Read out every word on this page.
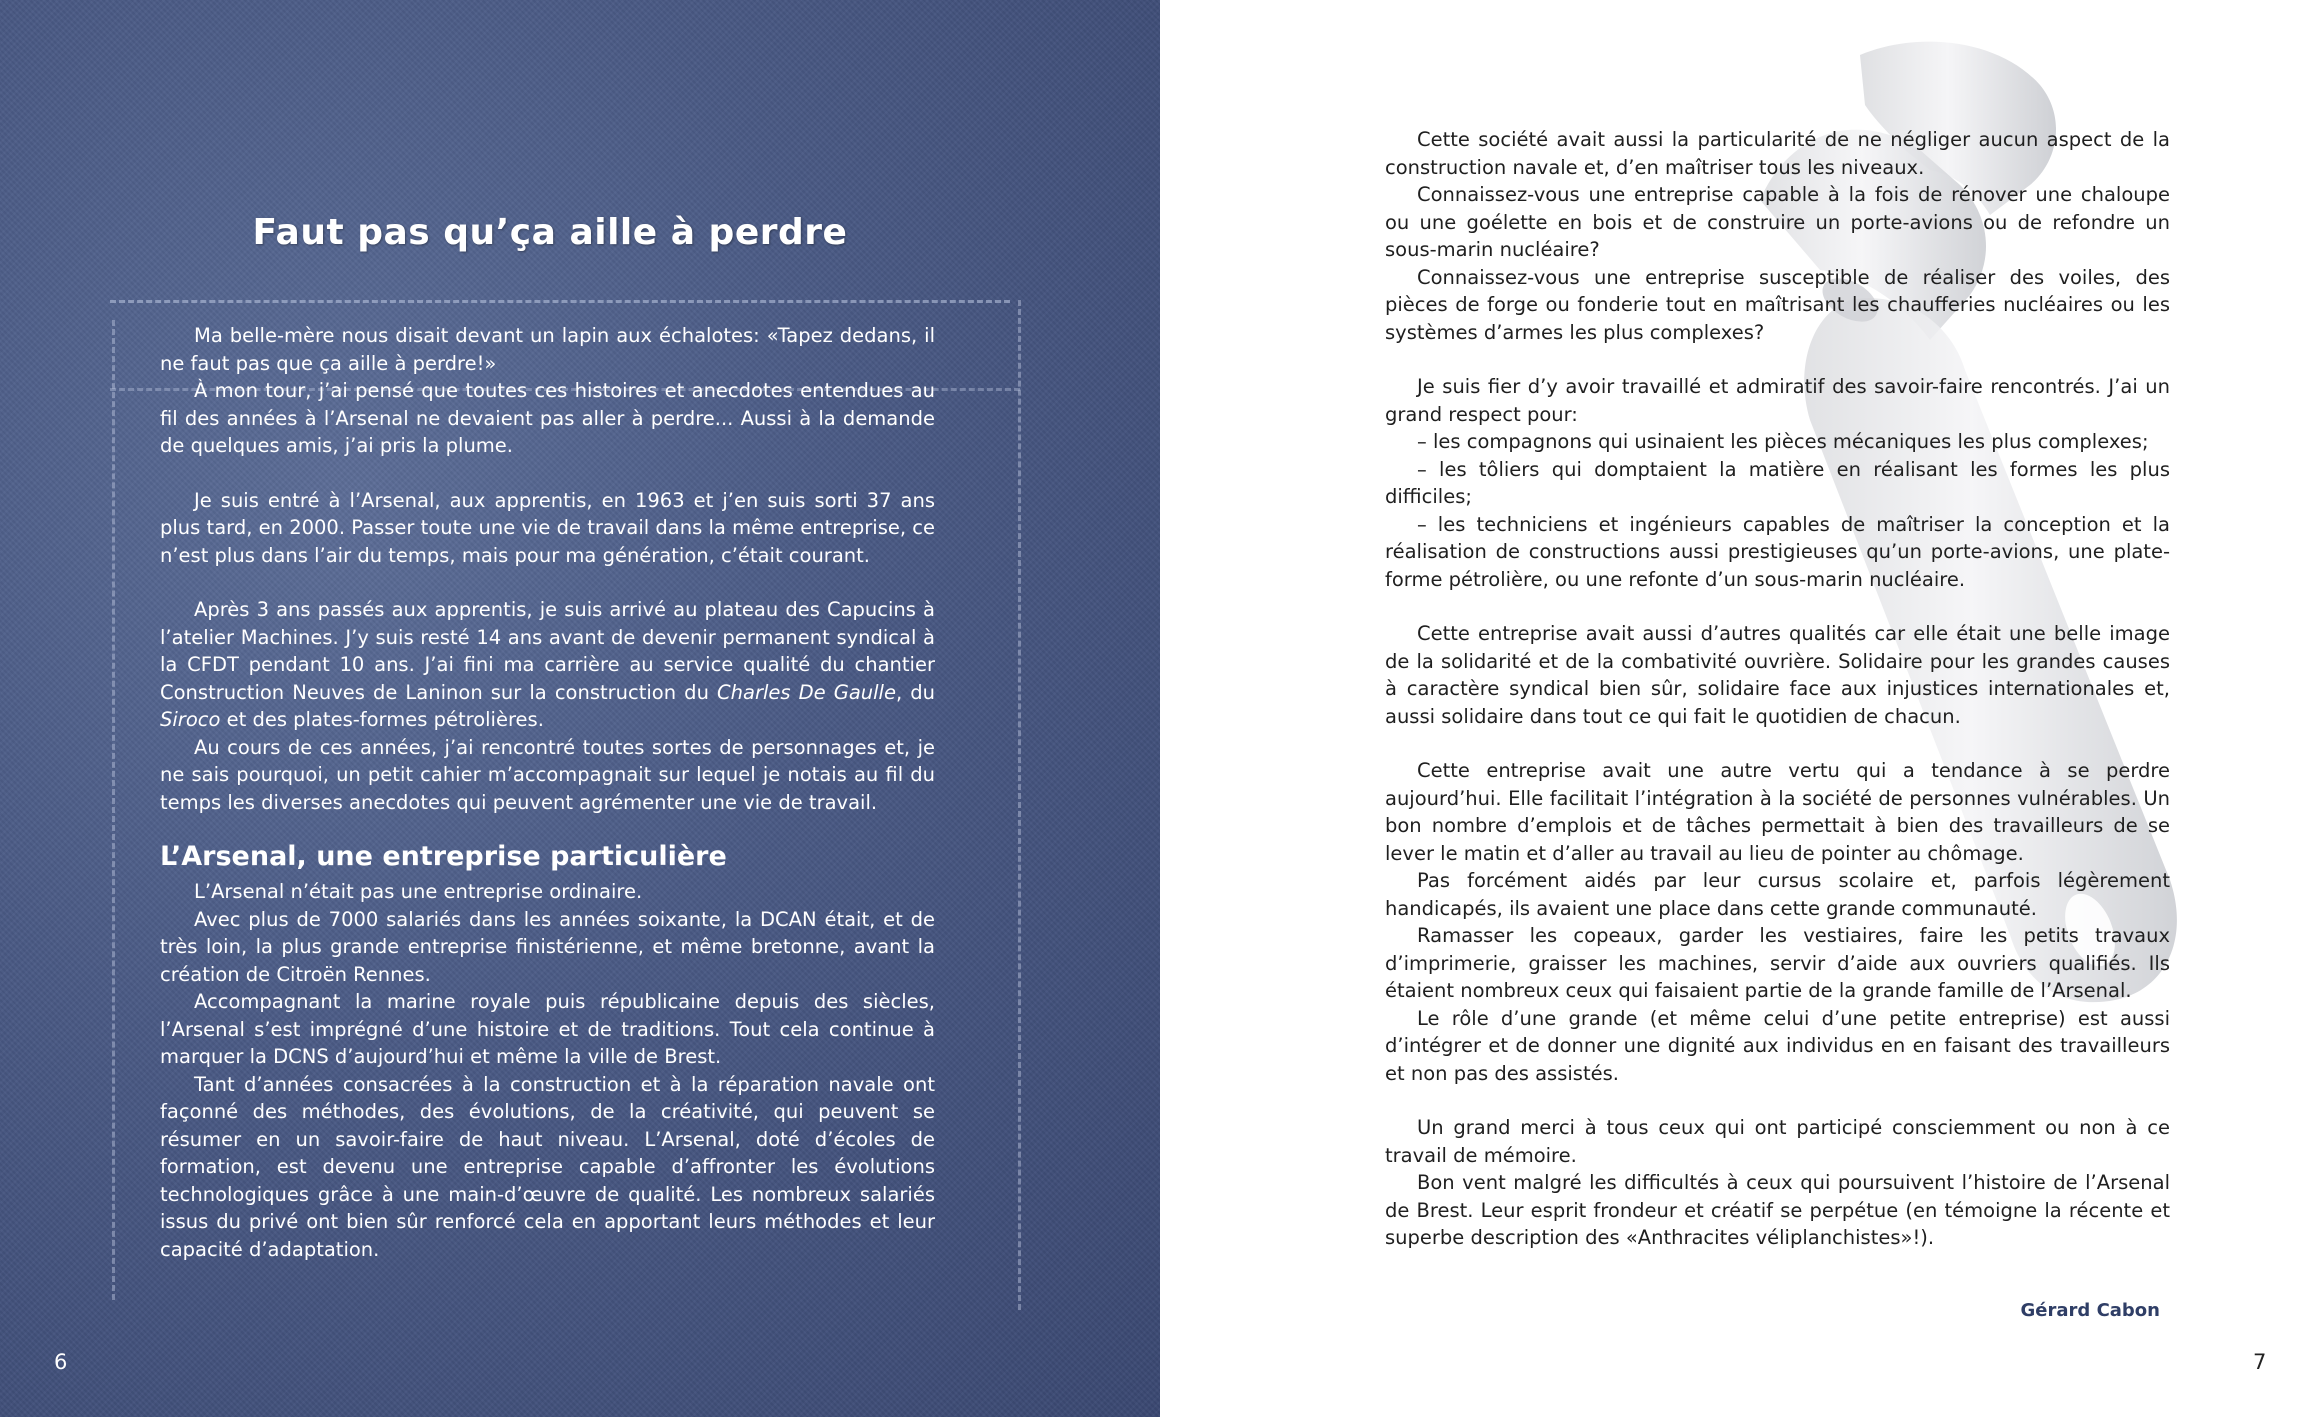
Faut pas qu’ça aille à perdre

Ma belle-mère nous disait devant un lapin aux échalotes: «Tapez dedans, il ne faut pas que ça aille à perdre!»

À mon tour, j’ai pensé que toutes ces histoires et anecdotes entendues au fil des années à l’Arsenal ne devaient pas aller à perdre... Aussi à la demande de quelques amis, j’ai pris la plume.

Je suis entré à l’Arsenal, aux apprentis, en 1963 et j’en suis sorti 37 ans plus tard, en 2000. Passer toute une vie de travail dans la même entreprise, ce n’est plus dans l’air du temps, mais pour ma génération, c’était courant.

Après 3 ans passés aux apprentis, je suis arrivé au plateau des Capucins à l’atelier Machines. J’y suis resté 14 ans avant de devenir permanent syndical à la CFDT pendant 10 ans. J’ai fini ma carrière au service qualité du chantier Construction Neuves de Laninon sur la construction du Charles De Gaulle, du Siroco et des plates-formes pétrolières.

Au cours de ces années, j’ai rencontré toutes sortes de personnages et, je ne sais pourquoi, un petit cahier m’accompagnait sur lequel je notais au fil du temps les diverses anecdotes qui peuvent agrémenter une vie de travail.

L’Arsenal, une entreprise particulière

L’Arsenal n’était pas une entreprise ordinaire.

Avec plus de 7000 salariés dans les années soixante, la DCAN était, et de très loin, la plus grande entreprise finistérienne, et même bretonne, avant la création de Citroën Rennes.

Accompagnant la marine royale puis républicaine depuis des siècles, l’Arsenal s’est imprégné d’une histoire et de traditions. Tout cela continue à marquer la DCNS d’aujourd’hui et même la ville de Brest.

Tant d’années consacrées à la construction et à la réparation navale ont façonné des méthodes, des évolutions, de la créativité, qui peuvent se résumer en un savoir-faire de haut niveau. L’Arsenal, doté d’écoles de formation, est devenu une entreprise capable d’affronter les évolutions technologiques grâce à une main-d’œuvre de qualité. Les nombreux salariés issus du privé ont bien sûr renforcé cela en apportant leurs méthodes et leur capacité d’adaptation.

6

Cette société avait aussi la particularité de ne négliger aucun aspect de la construction navale et, d’en maîtriser tous les niveaux.

Connaissez-vous une entreprise capable à la fois de rénover une chaloupe ou une goélette en bois et de construire un porte-avions ou de refondre un sous-marin nucléaire?

Connaissez-vous une entreprise susceptible de réaliser des voiles, des pièces de forge ou fonderie tout en maîtrisant les chaufferies nucléaires ou les systèmes d’armes les plus complexes?

Je suis fier d’y avoir travaillé et admiratif des savoir-faire rencontrés. J’ai un grand respect pour:

– les compagnons qui usinaient les pièces mécaniques les plus complexes;

– les tôliers qui domptaient la matière en réalisant les formes les plus difficiles;

– les techniciens et ingénieurs capables de maîtriser la conception et la réalisation de constructions aussi prestigieuses qu’un porte-avions, une plate-forme pétrolière, ou une refonte d’un sous-marin nucléaire.

Cette entreprise avait aussi d’autres qualités car elle était une belle image de la solidarité et de la combativité ouvrière. Solidaire pour les grandes causes à caractère syndical bien sûr, solidaire face aux injustices internationales et, aussi solidaire dans tout ce qui fait le quotidien de chacun.

Cette entreprise avait une autre vertu qui a tendance à se perdre aujourd’hui. Elle facilitait l’intégration à la société de personnes vulnérables. Un bon nombre d’emplois et de tâches permettait à bien des travailleurs de se lever le matin et d’aller au travail au lieu de pointer au chômage.

Pas forcément aidés par leur cursus scolaire et, parfois légèrement handicapés, ils avaient une place dans cette grande communauté.

Ramasser les copeaux, garder les vestiaires, faire les petits travaux d’imprimerie, graisser les machines, servir d’aide aux ouvriers qualifiés. Ils étaient nombreux ceux qui faisaient partie de la grande famille de l’Arsenal.

Le rôle d’une grande (et même celui d’une petite entreprise) est aussi d’intégrer et de donner une dignité aux individus en en faisant des travailleurs et non pas des assistés.

Un grand merci à tous ceux qui ont participé consciemment ou non à ce travail de mémoire.

Bon vent malgré les difficultés à ceux qui poursuivent l’histoire de l’Arsenal de Brest. Leur esprit frondeur et créatif se perpétue (en témoigne la récente et superbe description des «Anthracites véliplanchistes»!).

7
Gérard Cabon
